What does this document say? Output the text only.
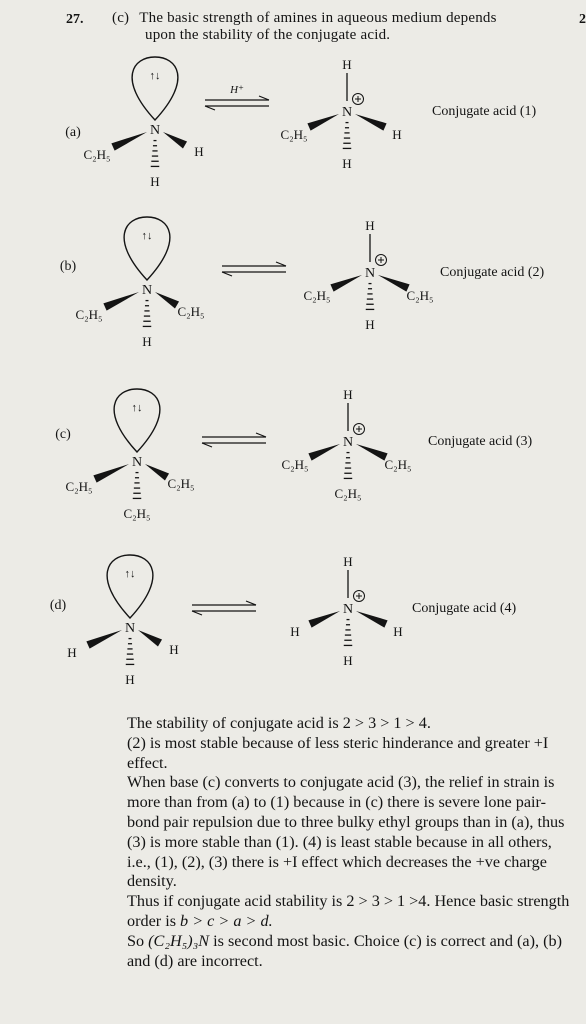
27. (c) The basic strength of amines in aqueous medium depends
upon the stability of the conjugate acid.
2
(a)
↑↓
N
C₂H₅	H
H
H⁺
H
N
C₂H₅	H
H
Conjugate acid (1)
(b)
↑↓
N
C₂H₅	C₂H₅
H
H
N
C₂H₅	C₂H₅
H
Conjugate acid (2)
(c)
↑↓
N
C₂H₅	C₂H₅
C₂H₅
H
N
C₂H₅	C₂H₅
C₂H₅
Conjugate acid (3)
(d)
↑↓
N
H	H
H
H
N
H	H
H
Conjugate acid (4)

The stability of conjugate acid is 2 > 3 > 1 > 4.

(2) is most stable because of less steric hinderance and greater +I effect.

When base (c) converts to conjugate acid (3), the relief in strain is more than from (a) to (1) because in (c) there is severe lone pair-bond pair repulsion due to three bulky ethyl groups than in (a), thus (3) is more stable than (1). (4) is least stable because in all others, i.e., (1), (2), (3) there is +I effect which decreases the +ve charge density.

Thus if conjugate acid stability is 2 > 3 > 1 >4. Hence basic strength order is b > c > a > d.

So (C₂H₅)₃N is second most basic. Choice (c) is correct and (a), (b) and (d) are incorrect.
